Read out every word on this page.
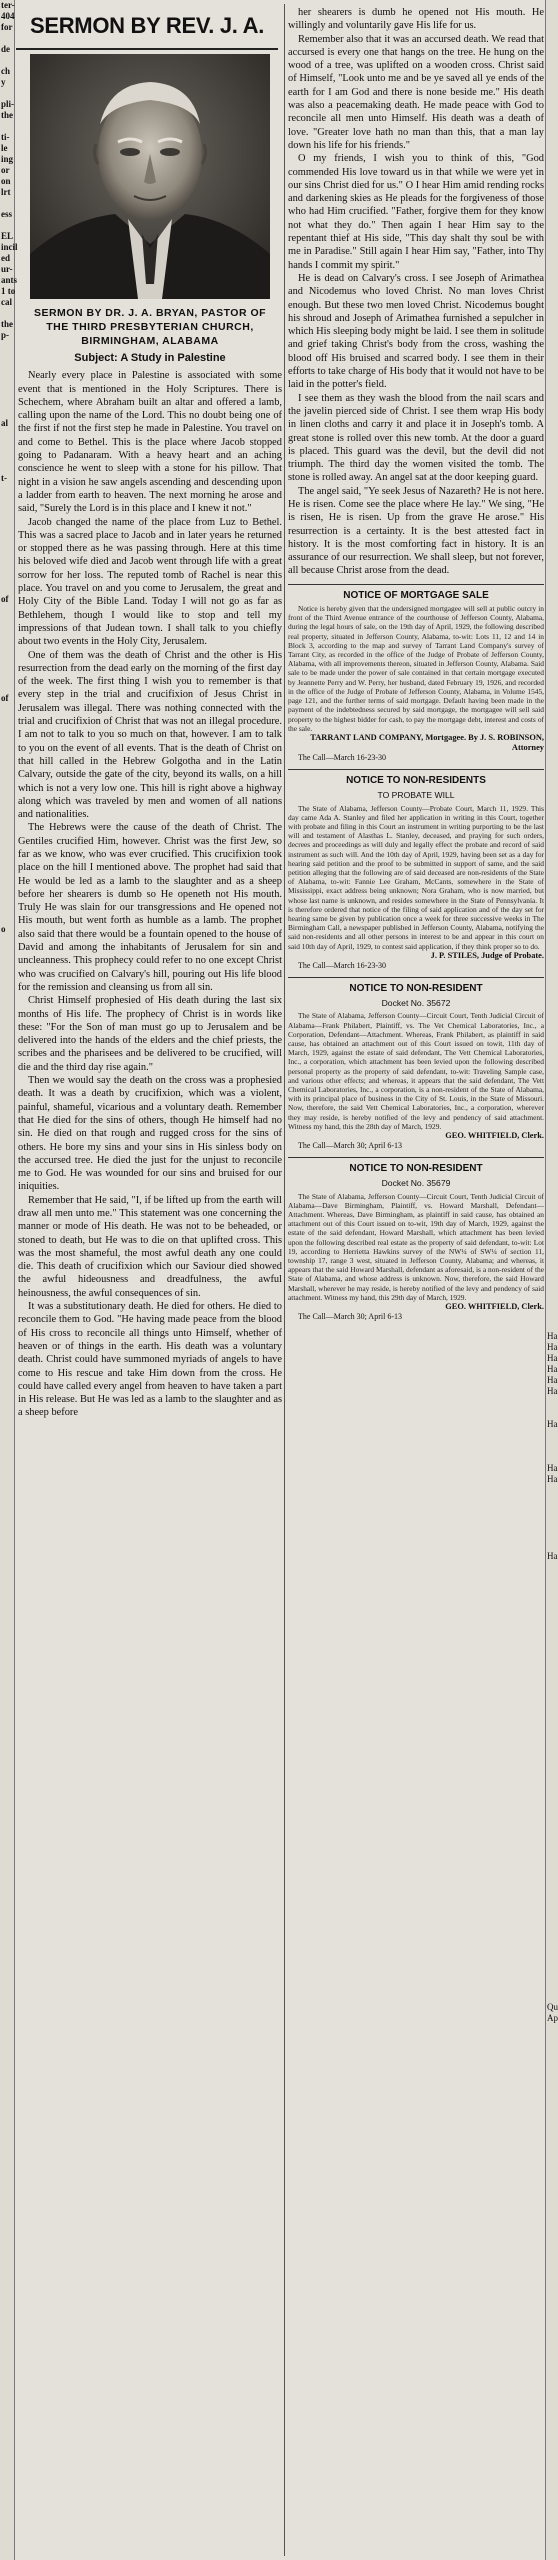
ter-
404
for

de

ch
y

pli-
the

ti-
le
ing
or
on
lrt

ess

EL
incil
ed
ur-
ants
1 to
cal

the
p-

al

t-

of

of

o

Ha
Ha
Ha
Ha
Ha
Ha

Ha

Ha
Ha

Ha

Qu
Ap
SERMON BY REV. J. A.
SERMON BY DR. J. A. BRYAN, PASTOR OF THE THIRD PRESBYTERIAN CHURCH, BIRMINGHAM, ALABAMA
Subject: A Study in Palestine

Nearly every place in Palestine is associated with some event that is mentioned in the Holy Scriptures. There is Schechem, where Abraham built an altar and offered a lamb, calling upon the name of the Lord. This no doubt being one of the first if not the first step he made in Palestine. You travel on and come to Bethel. This is the place where Jacob stopped going to Padanaram. With a heavy heart and an aching conscience he went to sleep with a stone for his pillow. That night in a vision he saw angels ascending and descending upon a ladder from earth to heaven. The next morning he arose and said, "Surely the Lord is in this place and I knew it not."

Jacob changed the name of the place from Luz to Bethel. This was a sacred place to Jacob and in later years he returned or stopped there as he was passing through. Here at this time his beloved wife died and Jacob went through life with a great sorrow for her loss. The reputed tomb of Rachel is near this place. You travel on and you come to Jerusalem, the great and Holy City of the Bible Land. Today I will not go as far as Bethlehem, though I would like to stop and tell my impressions of that Judean town. I shall talk to you chiefly about two events in the Holy City, Jerusalem.

One of them was the death of Christ and the other is His resurrection from the dead early on the morning of the first day of the week. The first thing I wish you to remember is that every step in the trial and crucifixion of Jesus Christ in Jerusalem was illegal. There was nothing connected with the trial and crucifixion of Christ that was not an illegal procedure. I am not to talk to you so much on that, however. I am to talk to you on the event of all events. That is the death of Christ on that hill called in the Hebrew Golgotha and in the Latin Calvary, outside the gate of the city, beyond its walls, on a hill which is not a very low one. This hill is right above a highway along which was traveled by men and women of all nations and nationalities.

The Hebrews were the cause of the death of Christ. The Gentiles crucified Him, however. Christ was the first Jew, so far as we know, who was ever crucified. This crucifixion took place on the hill I mentioned above. The prophet had said that He would be led as a lamb to the slaughter and as a sheep before her shearers is dumb so He openeth not His mouth. Truly He was slain for our transgressions and He opened not His mouth, but went forth as humble as a lamb. The prophet also said that there would be a fountain opened to the house of David and among the inhabitants of Jerusalem for sin and uncleanness. This prophecy could refer to no one except Christ who was crucified on Calvary's hill, pouring out His life blood for the remission and cleansing us from all sin.

Christ Himself prophesied of His death during the last six months of His life. The prophecy of Christ is in words like these: "For the Son of man must go up to Jerusalem and be delivered into the hands of the elders and the chief priests, the scribes and the pharisees and be delivered to be crucified, will die and the third day rise again."

Then we would say the death on the cross was a prophesied death. It was a death by crucifixion, which was a violent, painful, shameful, vicarious and a voluntary death. Remember that He died for the sins of others, though He himself had no sin. He died on that rough and rugged cross for the sins of others. He bore my sins and your sins in His sinless body on the accursed tree. He died the just for the unjust to reconcile me to God. He was wounded for our sins and bruised for our iniquities.

Remember that He said, "I, if be lifted up from the earth will draw all men unto me." This statement was one concerning the manner or mode of His death. He was not to be beheaded, or stoned to death, but He was to die on that uplifted cross. This was the most shameful, the most awful death any one could die. This death of crucifixion which our Saviour died showed the awful hideousness and dreadfulness, the awful heinousness, the awful consequences of sin.

It was a substitutionary death. He died for others. He died to reconcile them to God. "He having made peace from the blood of His cross to reconcile all things unto Himself, whether of heaven or of things in the earth. His death was a voluntary death. Christ could have summoned myriads of angels to have come to His rescue and take Him down from the cross. He could have called every angel from heaven to have taken a part in His release. But He was led as a lamb to the slaughter and as a sheep before

her shearers is dumb he opened not His mouth. He willingly and voluntarily gave His life for us.

Remember also that it was an accursed death. We read that accursed is every one that hangs on the tree. He hung on the wood of a tree, was uplifted on a wooden cross. Christ said of Himself, "Look unto me and be ye saved all ye ends of the earth for I am God and there is none beside me." His death was also a peacemaking death. He made peace with God to reconcile all men unto Himself. His death was a death of love. "Greater love hath no man than this, that a man lay down his life for his friends."

O my friends, I wish you to think of this, "God commended His love toward us in that while we were yet in our sins Christ died for us." O I hear Him amid rending rocks and darkening skies as He pleads for the forgiveness of those who had Him crucified. "Father, forgive them for they know not what they do." Then again I hear Him say to the repentant thief at His side, "This day shalt thy soul be with me in Paradise." Still again I hear Him say, "Father, into Thy hands I commit my spirit."

He is dead on Calvary's cross. I see Joseph of Arimathea and Nicodemus who loved Christ. No man loves Christ enough. But these two men loved Christ. Nicodemus bought his shroud and Joseph of Arimathea furnished a sepulcher in which His sleeping body might be laid. I see them in solitude and grief taking Christ's body from the cross, washing the blood off His bruised and scarred body. I see them in their efforts to take charge of His body that it would not have to be laid in the potter's field.

I see them as they wash the blood from the nail scars and the javelin pierced side of Christ. I see them wrap His body in linen cloths and carry it and place it in Joseph's tomb. A great stone is rolled over this new tomb. At the door a guard is placed. This guard was the devil, but the devil did not triumph. The third day the women visited the tomb. The stone is rolled away. An angel sat at the door keeping guard.

The angel said, "Ye seek Jesus of Nazareth? He is not here. He is risen. Come see the place where He lay." We sing, "He is risen, He is risen. Up from the grave He arose." His resurrection is a certainty. It is the best attested fact in history. It is the most comforting fact in history. It is an assurance of our resurrection. We shall sleep, but not forever, all because Christ arose from the dead.

NOTICE OF MORTGAGE SALE

Notice is hereby given that the undersigned mortgagee will sell at public outcry in front of the Third Avenue entrance of the courthouse of Jefferson County, Alabama, during the legal hours of sale, on the 19th day of April, 1929, the following described real property, situated in Jefferson County, Alabama, to-wit: Lots 11, 12 and 14 in Block 3, according to the map and survey of Tarrant Land Company's survey of Tarrant City, as recorded in the office of the Judge of Probate of Jefferson County, Alabama, with all improvements thereon, situated in Jefferson County, Alabama. Said sale to be made under the power of sale contained in that certain mortgage executed by Jeannette Perry and W. Perry, her husband, dated February 19, 1926, and recorded in the office of the Judge of Probate of Jefferson County, Alabama, in Volume 1545, page 121, and the further terms of said mortgage. Default having been made in the payment of the indebtedness secured by said mortgage, the mortgagee will sell said property to the highest bidder for cash, to pay the mortgage debt, interest and costs of the sale.

TARRANT LAND COMPANY, Mortgagee. By J. S. ROBINSON, Attorney

The Call—March 16-23-30

NOTICE TO NON-RESIDENTS
TO PROBATE WILL

The State of Alabama, Jefferson County—Probate Court, March 11, 1929. This day came Ada A. Stanley and filed her application in writing in this Court, together with probate and filing in this Court an instrument in writing purporting to be the last will and testament of Alasthas L. Stanley, deceased, and praying for such orders, decrees and proceedings as will duly and legally effect the probate and record of said instrument as such will. And the 10th day of April, 1929, having been set as a day for hearing said petition and the proof to be submitted in support of same, and the said petition alleging that the following are of said deceased are non-residents of the State of Alabama, to-wit: Fannie Lee Graham, McCants, somewhere in the State of Mississippi, exact address being unknown; Nora Graham, who is now married, but whose last name is unknown, and resides somewhere in the State of Pennsylvania. It is therefore ordered that notice of the filing of said application and of the day set for hearing same be given by publication once a week for three successive weeks in The Birmingham Call, a newspaper published in Jefferson County, Alabama, notifying the said non-residents and all other persons in interest to be and appear in this court on said 10th day of April, 1929, to contest said application, if they think proper so to do.

J. P. STILES, Judge of Probate.

The Call—March 16-23-30

NOTICE TO NON-RESIDENT
Docket No. 35672

The State of Alabama, Jefferson County—Circuit Court, Tenth Judicial Circuit of Alabama—Frank Philabert, Plaintiff, vs. The Vet Chemical Laboratories, Inc., a Corporation, Defendant—Attachment. Whereas, Frank Philabert, as plaintiff in said cause, has obtained an attachment out of this Court issued on towit, 11th day of March, 1929, against the estate of said defendant, The Vett Chemical Laboratories, Inc., a corporation, which attachment has been levied upon the following described personal property as the property of said defendant, to-wit: Traveling Sample case, and various other effects; and whereas, it appears that the said defendant, The Vett Chemical Laboratories, Inc., a corporation, is a non-resident of the State of Alabama, with its principal place of business in the City of St. Louis, in the State of Missouri. Now, therefore, the said Vett Chemical Laboratories, Inc., a corporation, wherever they may reside, is hereby notified of the levy and pendency of said attachment. Witness my hand, this the 28th day of March, 1929.

GEO. WHITFIELD, Clerk.

The Call—March 30; April 6-13

NOTICE TO NON-RESIDENT
Docket No. 35679

The State of Alabama, Jefferson County—Circuit Court, Tenth Judicial Circuit of Alabama—Dave Birmingham, Plaintiff, vs. Howard Marshall, Defendant—Attachment. Whereas, Dave Birmingham, as plaintiff in said cause, has obtained an attachment out of this Court issued on to-wit, 19th day of March, 1929, against the estate of the said defendant, Howard Marshall, which attachment has been levied upon the following described real estate as the property of said defendant, to-wit: Lot 19, according to Herrietta Hawkins survey of the NW¼ of SW¼ of section 11, township 17, range 3 west, situated in Jefferson County, Alabama; and whereas, it appears that the said Howard Marshall, defendant as aforesaid, is a non-resident of the State of Alabama, and whose address is unknown. Now, therefore, the said Howard Marshall, wherever he may reside, is hereby notified of the levy and pendency of said attachment. Witness my hand, this 29th day of March, 1929.

GEO. WHITFIELD, Clerk.

The Call—March 30; April 6-13
